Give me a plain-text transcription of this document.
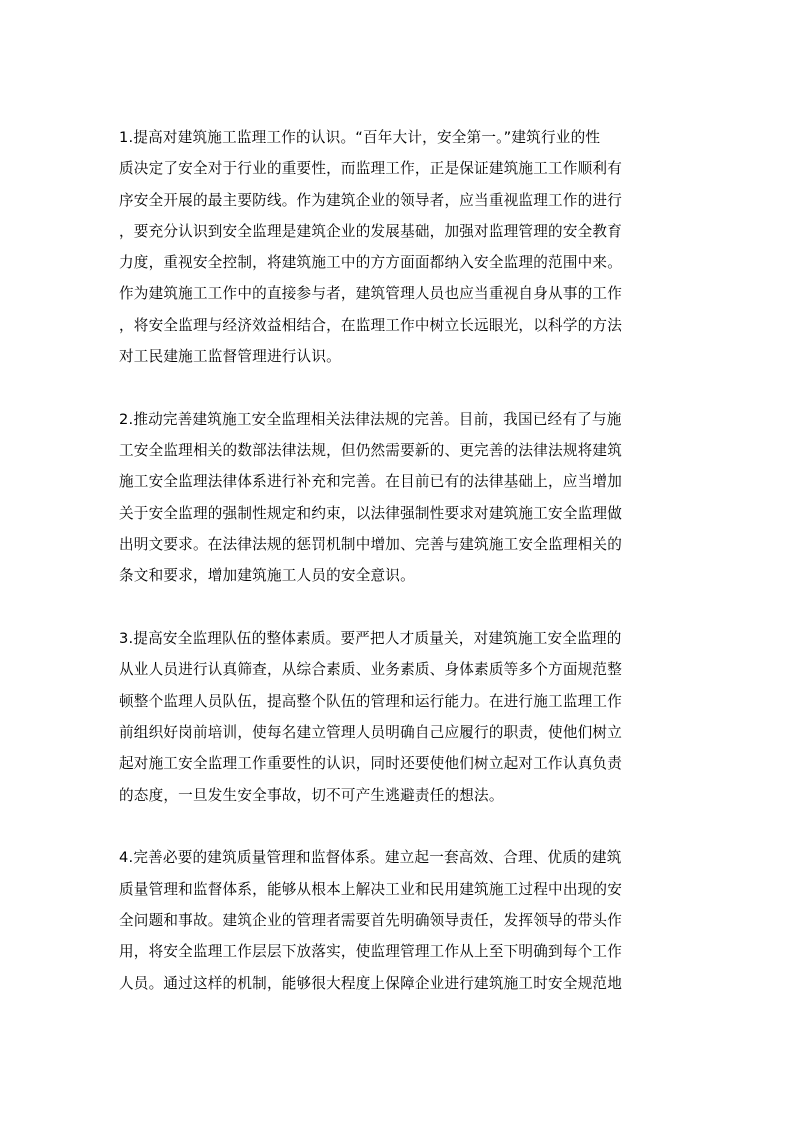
1.提高对建筑施工监理工作的认识。“百年大计，安全第一。”建筑行业的性
质决定了安全对于行业的重要性，而监理工作，正是保证建筑施工工作顺利有
序安全开展的最主要防线。作为建筑企业的领导者，应当重视监理工作的进行
，要充分认识到安全监理是建筑企业的发展基础，加强对监理管理的安全教育
力度，重视安全控制，将建筑施工中的方方面面都纳入安全监理的范围中来。
作为建筑施工工作中的直接参与者，建筑管理人员也应当重视自身从事的工作
，将安全监理与经济效益相结合，在监理工作中树立长远眼光，以科学的方法
对工民建施工监督管理进行认识。

2.推动完善建筑施工安全监理相关法律法规的完善。目前，我国已经有了与施
工安全监理相关的数部法律法规，但仍然需要新的、更完善的法律法规将建筑
施工安全监理法律体系进行补充和完善。在目前已有的法律基础上，应当增加
关于安全监理的强制性规定和约束，以法律强制性要求对建筑施工安全监理做
出明文要求。在法律法规的惩罚机制中增加、完善与建筑施工安全监理相关的
条文和要求，增加建筑施工人员的安全意识。

3.提高安全监理队伍的整体素质。要严把人才质量关，对建筑施工安全监理的
从业人员进行认真筛查，从综合素质、业务素质、身体素质等多个方面规范整
顿整个监理人员队伍，提高整个队伍的管理和运行能力。在进行施工监理工作
前组织好岗前培训，使每名建立管理人员明确自己应履行的职责，使他们树立
起对施工安全监理工作重要性的认识，同时还要使他们树立起对工作认真负责
的态度，一旦发生安全事故，切不可产生逃避责任的想法。

4.完善必要的建筑质量管理和监督体系。建立起一套高效、合理、优质的建筑
质量管理和监督体系，能够从根本上解决工业和民用建筑施工过程中出现的安
全问题和事故。建筑企业的管理者需要首先明确领导责任，发挥领导的带头作
用，将安全监理工作层层下放落实，使监理管理工作从上至下明确到每个工作
人员。通过这样的机制，能够很大程度上保障企业进行建筑施工时安全规范地
